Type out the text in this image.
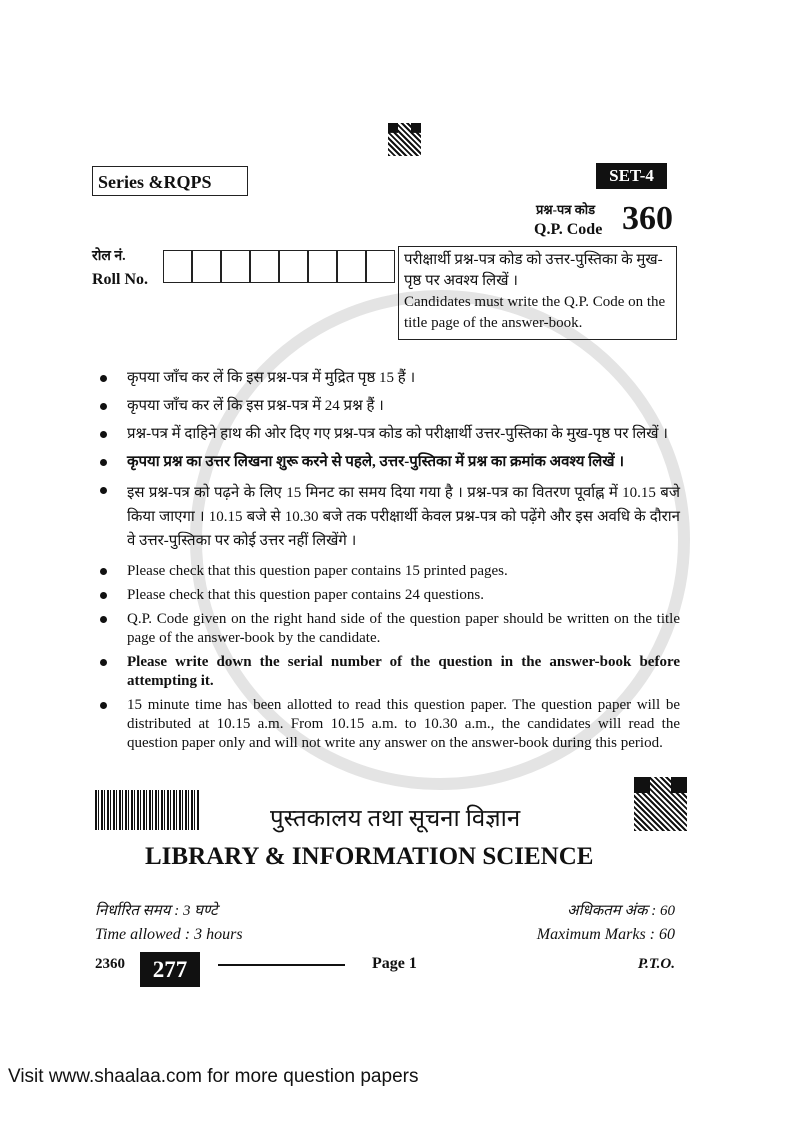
Series &RQPS	SET-4
प्रश्न-पत्र कोड
Q.P. Code 360
रोल नं.
Roll No.
परीक्षार्थी प्रश्न-पत्र कोड को उत्तर-पुस्तिका के मुख-पृष्ठ पर अवश्य लिखें ।
Candidates must write the Q.P. Code on the title page of the answer-book.
कृपया जाँच कर लें कि इस प्रश्न-पत्र में मुद्रित पृष्ठ 15 हैं ।
कृपया जाँच कर लें कि इस प्रश्न-पत्र में 24 प्रश्न हैं ।
प्रश्न-पत्र में दाहिने हाथ की ओर दिए गए प्रश्न-पत्र कोड को परीक्षार्थी उत्तर-पुस्तिका के मुख-पृष्ठ पर लिखें ।
कृपया प्रश्न का उत्तर लिखना शुरू करने से पहले, उत्तर-पुस्तिका में प्रश्न का क्रमांक अवश्य लिखें ।
इस प्रश्न-पत्र को पढ़ने के लिए 15 मिनट का समय दिया गया है । प्रश्न-पत्र का वितरण पूर्वाह्न में 10.15 बजे किया जाएगा । 10.15 बजे से 10.30 बजे तक परीक्षार्थी केवल प्रश्न-पत्र को पढ़ेंगे और इस अवधि के दौरान वे उत्तर-पुस्तिका पर कोई उत्तर नहीं लिखेंगे ।
Please check that this question paper contains 15 printed pages.
Please check that this question paper contains 24 questions.
Q.P. Code given on the right hand side of the question paper should be written on the title page of the answer-book by the candidate.
Please write down the serial number of the question in the answer-book before attempting it.
15 minute time has been allotted to read this question paper. The question paper will be distributed at 10.15 a.m. From 10.15 a.m. to 10.30 a.m., the candidates will read the question paper only and will not write any answer on the answer-book during this period.
पुस्तकालय तथा सूचना विज्ञान
LIBRARY & INFORMATION SCIENCE
निर्धारित समय : 3 घण्टे
Time allowed : 3 hours
अधिकतम अंक : 60
Maximum Marks : 60
2360	277	Page 1	P.T.O.
Visit www.shaalaa.com for more question papers
